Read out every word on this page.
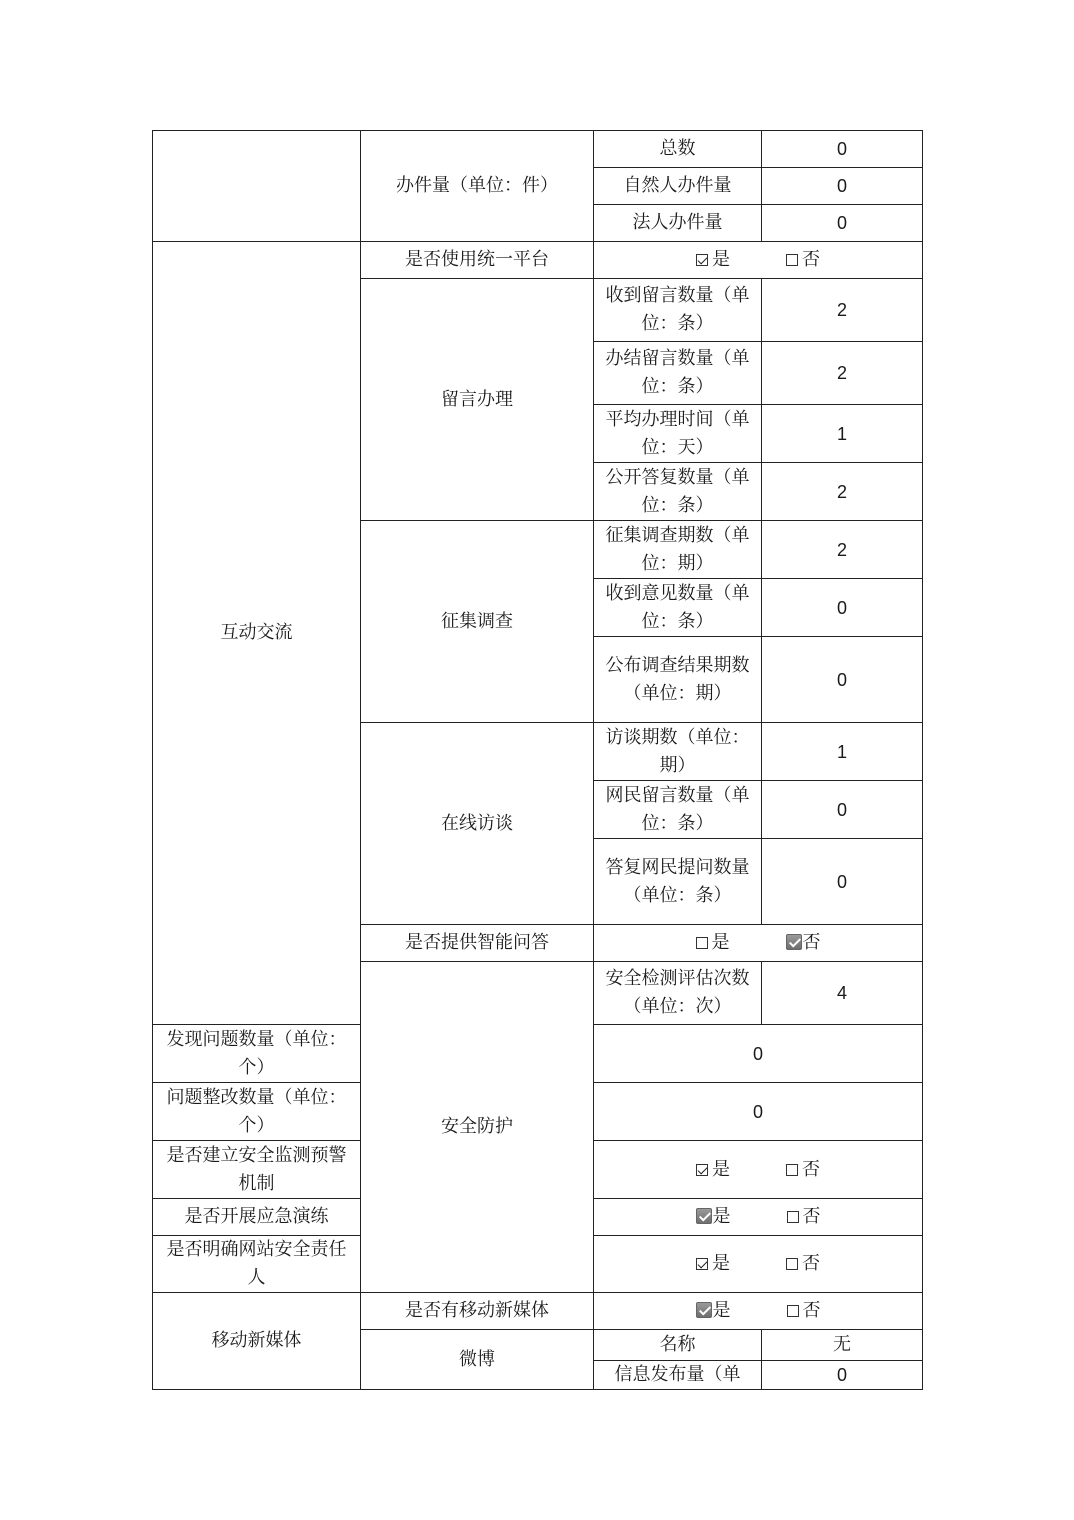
	办件量（单位：件）	总数	0
		自然人办件量	0
		法人办件量	0
互动交流	是否使用统一平台	是 否	
	留言办理	收到留言数量（单位：条）	2
		办结留言数量（单位：条）	2
		平均办理时间（单位：天）	1
		公开答复数量（单位：条）	2
	征集调查	征集调查期数（单位：期）	2
		收到意见数量（单位：条）	0
		公布调查结果期数
（单位：期）	0
	在线访谈	访谈期数（单位：期）	1
		网民留言数量（单位：条）	0
		答复网民提问数量
（单位：条）	0
	是否提供智能问答	是 否	
	安全防护	安全检测评估次数（单位：次）	4
发现问题数量（单位：个）		0	
问题整改数量（单位：个）		0	
是否建立安全监测预警机制		是 否	
是否开展应急演练		是 否	
是否明确网站安全责任人		是 否	
移动新媒体	是否有移动新媒体	是 否	
	微博	名称	无
		信息发布量（单	0
